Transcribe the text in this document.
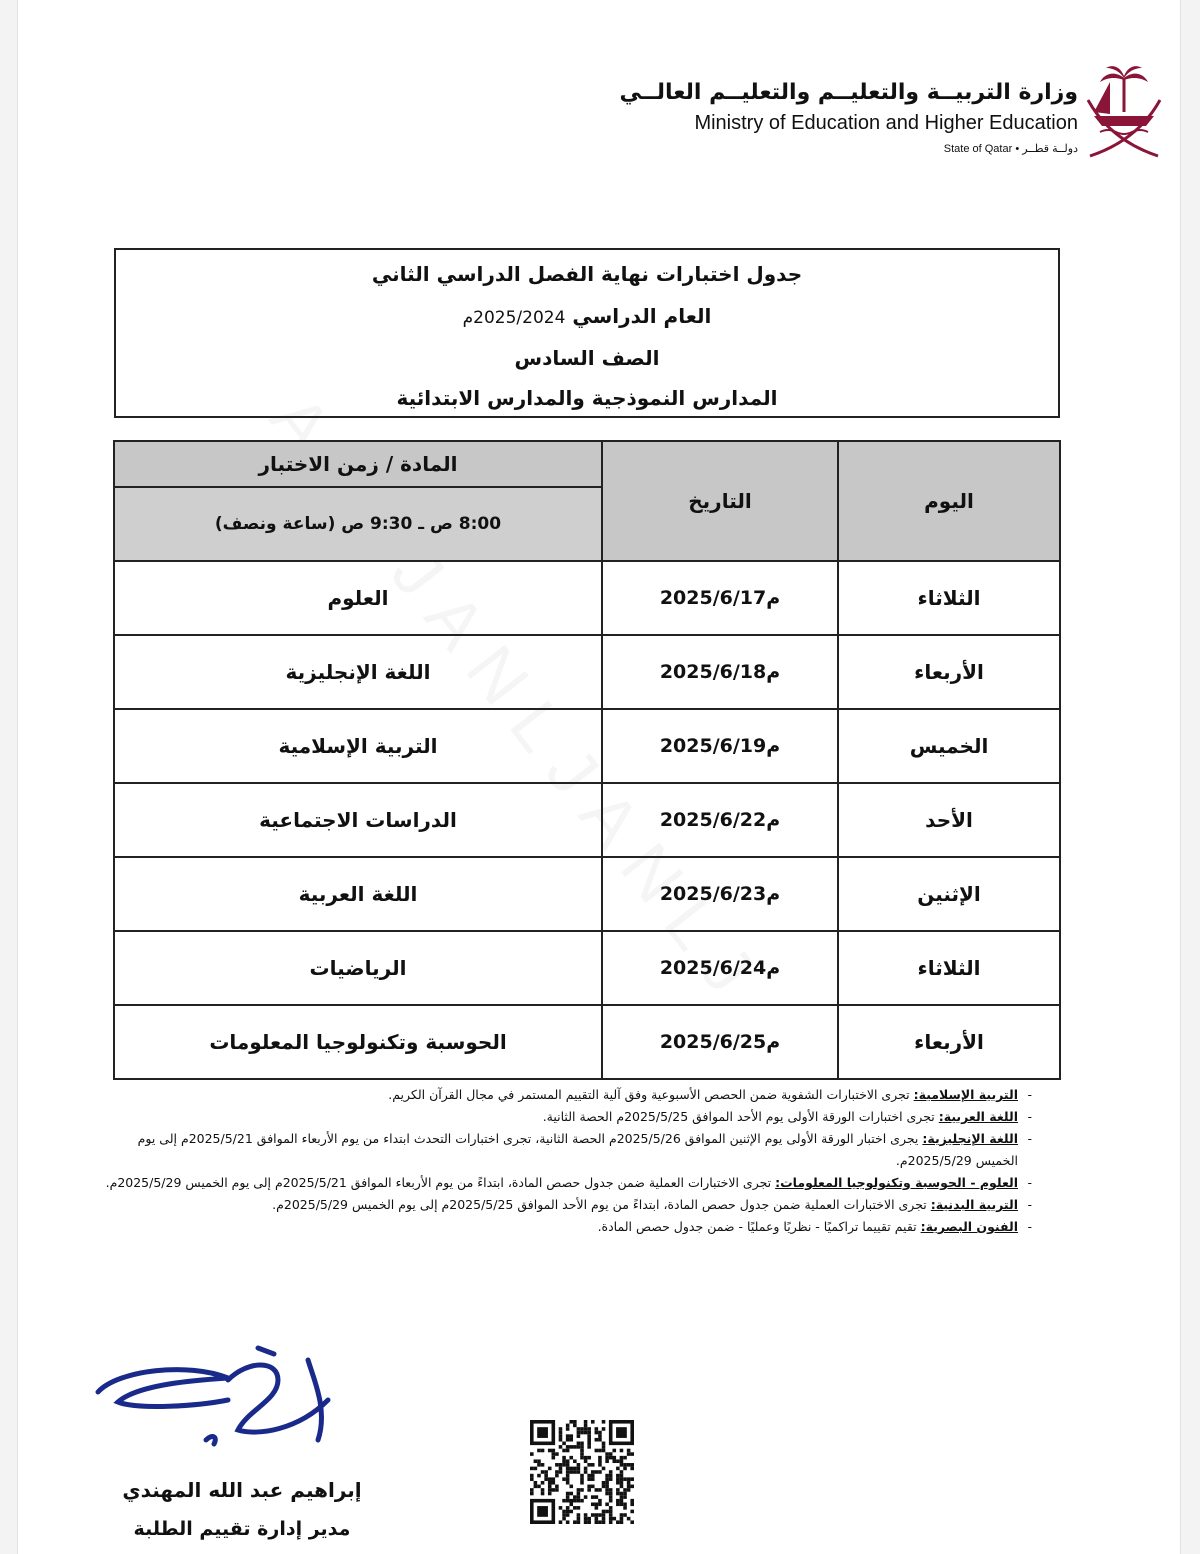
وزارة التربيــة والتعليــم والتعليــم العالــي
Ministry of Education and Higher Education
State of Qatar • دولــة قطــر
جدول اختبارات نهاية الفصل الدراسي الثاني
العام الدراسي 2025/2024م
الصف السادس
المدارس النموذجية والمدارس الابتدائية
اليوم	التاريخ	المادة / زمن الاختبار
		8:00 ص ـ 9:30 ص (ساعة ونصف)
الثلاثاء	2025/6/17م	العلوم
الأربعاء	2025/6/18م	اللغة الإنجليزية
الخميس	2025/6/19م	التربية الإسلامية
الأحد	2025/6/22م	الدراسات الاجتماعية
الإثنين	2025/6/23م	اللغة العربية
الثلاثاء	2025/6/24م	الرياضيات
الأربعاء	2025/6/25م	الحوسبة وتكنولوجيا المعلومات
- التربية الإسلامية: تجرى الاختبارات الشفوية ضمن الحصص الأسبوعية وفق آلية التقييم المستمر في مجال القرآن الكريم.
- اللغة العربية: تجرى اختبارات الورقة الأولى يوم الأحد الموافق 2025/5/25م الحصة الثانية.
- اللغة الإنجليزية: يجرى اختبار الورقة الأولى يوم الإثنين الموافق 2025/5/26م الحصة الثانية، تجرى اختبارات التحدث ابتداء من يوم الأربعاء الموافق 2025/5/21م إلى يوم الخميس 2025/5/29م.
- العلوم - الحوسبة وتكنولوجيا المعلومات: تجرى الاختبارات العملية ضمن جدول حصص المادة، ابتداءً من يوم الأربعاء الموافق 2025/5/21م إلى يوم الخميس 2025/5/29م.
- التربية البدنية: تجرى الاختبارات العملية ضمن جدول حصص المادة، ابتداءً من يوم الأحد الموافق 2025/5/25م إلى يوم الخميس 2025/5/29م.
- الفنون البصرية: تقيم تقييما تراكميًا - نظريًا وعمليًا - ضمن جدول حصص المادة.
إبراهيم عبد الله المهندي
مدير إدارة تقييم الطلبة
